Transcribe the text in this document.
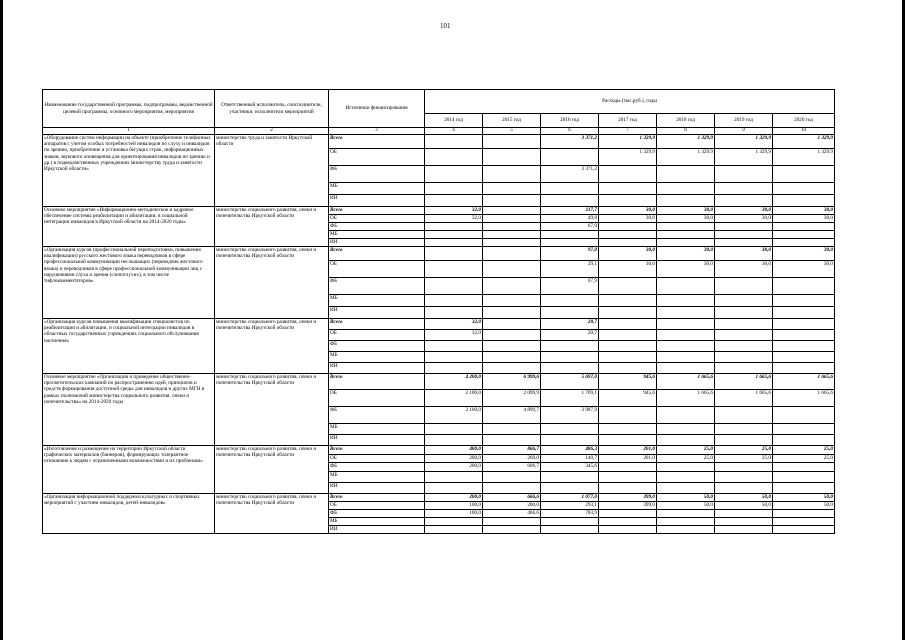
101
Наименование государственной программы, подпрограммы, ведомственной целевой программы, основного мероприятия, мероприятия	Ответственный исполнитель, соисполнители, участники, исполнители мероприятий	Источники финансирования	Расходы (тыс.руб.), годы						
			2014 год	2015 год	2016 год	2017 год	2018 год	2019 год	2020 год
1	2	3	4	5	6	7	8	9	10
«Оборудование систем информации на объекте (приобретение телефонных аппаратов с учетом особых потребностей инвалидов по слуху и инвалидов по зрению, приобретение и установка бегущих строк, информационных знаков, звукового оповещения для ориентирования инвалидов по зрению и др.) в подведомственных учреждениях министерству труда и занятости Иркутской области»	министерство труда и занятости Иркутской области	Всего			3 371,2	1 329,9	1 329,9	1 329,9	1 329,9
		ОБ				1 329,9	1 329,9	1 329,9	1 329,9
		ФБ			3 371,2				
		МБ							
		ИИ							
Основное мероприятие «Информационно-методическое и кадровое обеспечение системы реабилитации и абилитации, в социальной интеграции инвалидов в Иркутской области на 2014-2020 годы»	министерство социального развития, опеки и попечительства Иркутской области	Всего	32,0		117,7	30,0	30,0	30,0	30,0
		ОБ	32,0		49,8	30,0	30,0	30,0	30,0
		ФБ			67,9				
		МБ							
		ИИ							
«Организация курсов (профессиональной переподготовки, повышения квалификации) русского жестового языка переводчиков в сфере профессиональной коммуникации неслышащих (переводчик жестового языка) и переводчиков в сфере профессиональной коммуникации лиц с нарушениями слуха и зрения (слепоглухих), в том числе тифлокомментаторов»	министерство социального развития, опеки и попечительства Иркутской области	Всего			97,0	30,0	30,0	30,0	30,0
		ОБ			29,1	30,0	30,0	30,0	30,0
		ФБ			67,9				
		МБ							
		ИИ							
«Организация курсов повышения квалификации специалистов по реабилитации и абилитации, и социальной интеграции инвалидов в областных государственных учреждениях социального обслуживания населения»	министерство социального развития, опеки и попечительства Иркутской области	Всего	32,0		20,7				
		ОБ	32,0		20,7				
		ФБ							
		МБ							
		ИИ							
Основное мероприятие «Организация и проведение общественно-просветительских кампаний по распространению идей, принципов и средств формирования доступной среды для инвалидов и других МГН в рамках полномочий министерства социального развития, опеки и попечительства» на 2014-2020 годы	министерство социального развития, опеки и попечительства Иркутской области	Всего	4 200,0	6 999,6	5 697,0	945,6	1 665,6	1 665,6	1 665,6
		ОБ	2 100,0	2 099,9	1 709,1	945,6	1 665,6	1 665,6	1 665,6
		ФБ	2 100,0	4 899,7	3 987,9				
		МБ							
		ИИ							
«Изготовление и размещение на территории Иркутской области графических материалов (баннеров), формирующих толерантное отношение к людям с ограниченными возможностями и их проблемам»	министерство социального развития, опеки и попечительства Иркутской области	Всего	400,0	866,7	486,3	201,0	25,0	25,0	25,0
		ОБ	200,0	260,0	140,7	201,0	25,0	25,0	25,0
		ФБ	200,0	606,7	345,6				
		МБ							
		ИИ							
«Организация информационной поддержки культурных и спортивных мероприятий с участием инвалидов, детей-инвалидов»	министерство социального развития, опеки и попечительства Иркутской области	Всего	200,0	666,6	1 077,0	399,0	50,0	50,0	50,0
		ОБ	100,0	200,0	293,1	399,0	50,0	50,0	50,0
		ФБ	100,0	466,6	783,9				
		МБ							
		ИИ							
